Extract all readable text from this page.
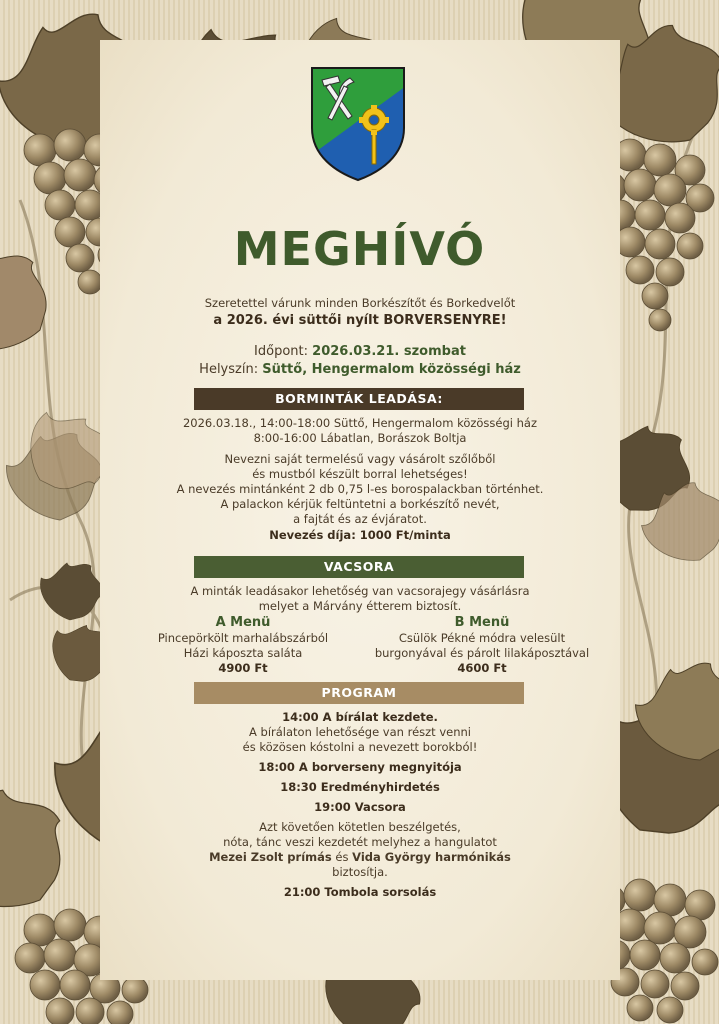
MEGHÍVÓ
Szeretettel várunk minden Borkészítőt és Borkedvelőt
a 2026. évi süttői nyílt BORVERSENYRE!
Időpont: 2026.03.21. szombat
Helyszín: Süttő, Hengermalom közösségi ház
BORMINTÁK LEADÁSA:
2026.03.18., 14:00-18:00 Süttő, Hengermalom közösségi ház
8:00-16:00 Lábatlan, Borászok Boltja
Nevezni saját termelésű vagy vásárolt szőlőből
és mustból készült borral lehetséges!
A nevezés mintánként 2 db 0,75 l-es borospalackban történhet.
A palackon kérjük feltüntetni a borkészítő nevét,
a fajtát és az évjáratot.
Nevezés díja: 1000 Ft/minta
VACSORA
A minták leadásakor lehetőség van vacsorajegy vásárlásra
melyet a Márvány étterem biztosít.
A Menü
Pincepörkölt marhalábszárból
Házi káposzta saláta
4900 Ft
B Menü
Csülök Pékné módra velesült
burgonyával és párolt lilakáposztával
4600 Ft
PROGRAM
14:00 A bírálat kezdete.
A bírálaton lehetősége van részt venni
és közösen kóstolni a nevezett borokból!
18:00 A borverseny megnyitója
18:30 Eredményhirdetés
19:00 Vacsora
Azt követően kötetlen beszélgetés,
nóta, tánc veszi kezdetét melyhez a hangulatot
Mezei Zsolt prímás és Vida György harmónikás
biztosítja.
21:00 Tombola sorsolás
